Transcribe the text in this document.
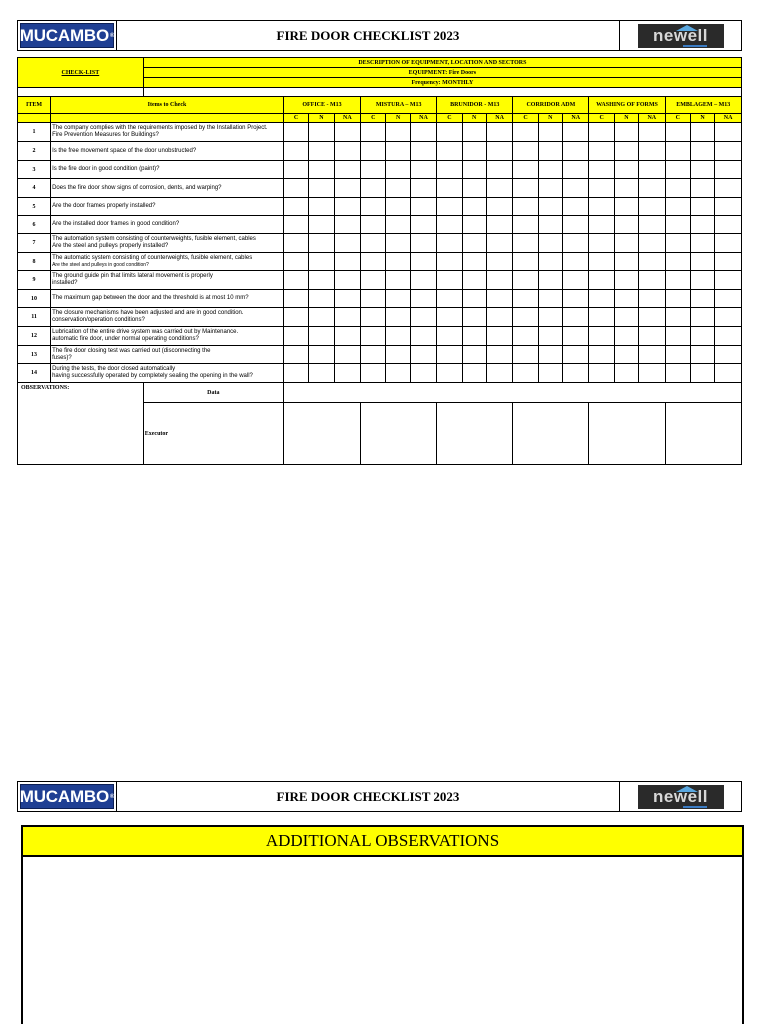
MUCAMBO ®	FIRE DOOR CHECKLIST 2023	newell
CHECK-LIST		DESCRIPTION OF EQUIPMENT, LOCATION AND SECTORS																		
		EQUIPMENT: Fire Doors																		
		Frequency: MONTHLY																		

ITEM	Items to Check		OFFICE - M13			MISTURA – M13			BRUNIDOR - M13			CORRIDOR ADM			WASHING OF FORMS			EMBLAGEM – M13		
			C	N	NA	C	N	NA	C	N	NA	C	N	NA	C	N	NA	C	N	NA
1	The company complies with the requirements imposed by the Installation Project.
Fire Prevention Measures for Buildings?																			

2	Is the free movement space of the door unobstructed?																			

3	Is the fire door in good condition (paint)?																			

4	Does the fire door show signs of corrosion, dents, and warping?																			

5	Are the door frames properly installed?																			

6	Are the installed door frames in good condition?																			

7	The automation system consisting of counterweights, fusible element, cables
Are the steel and pulleys properly installed?																			

8	The automatic system consisting of counterweights, fusible element, cables
Are the steel and pulleys in good condition?																			

9	The ground guide pin that limits lateral movement is properly
installed?																			

10	The maximum gap between the door and the threshold is at most 10 mm?																			

11	The closure mechanisms have been adjusted and are in good condition.
conservation/operation conditions?																			

12	Lubrication of the entire drive system was carried out by Maintenance.
automatic fire door, under normal operating conditions?																			

13	The fire door closing test was carried out (disconnecting the
fuses)?																			

14	During the tests, the door closed automatically
having successfully operated by completely sealing the opening in the wall?																			

OBSERVATIONS:		Data																		
		Executor																		
MUCAMBO ®	FIRE DOOR CHECKLIST 2023	newell
ADDITIONAL OBSERVATIONS
